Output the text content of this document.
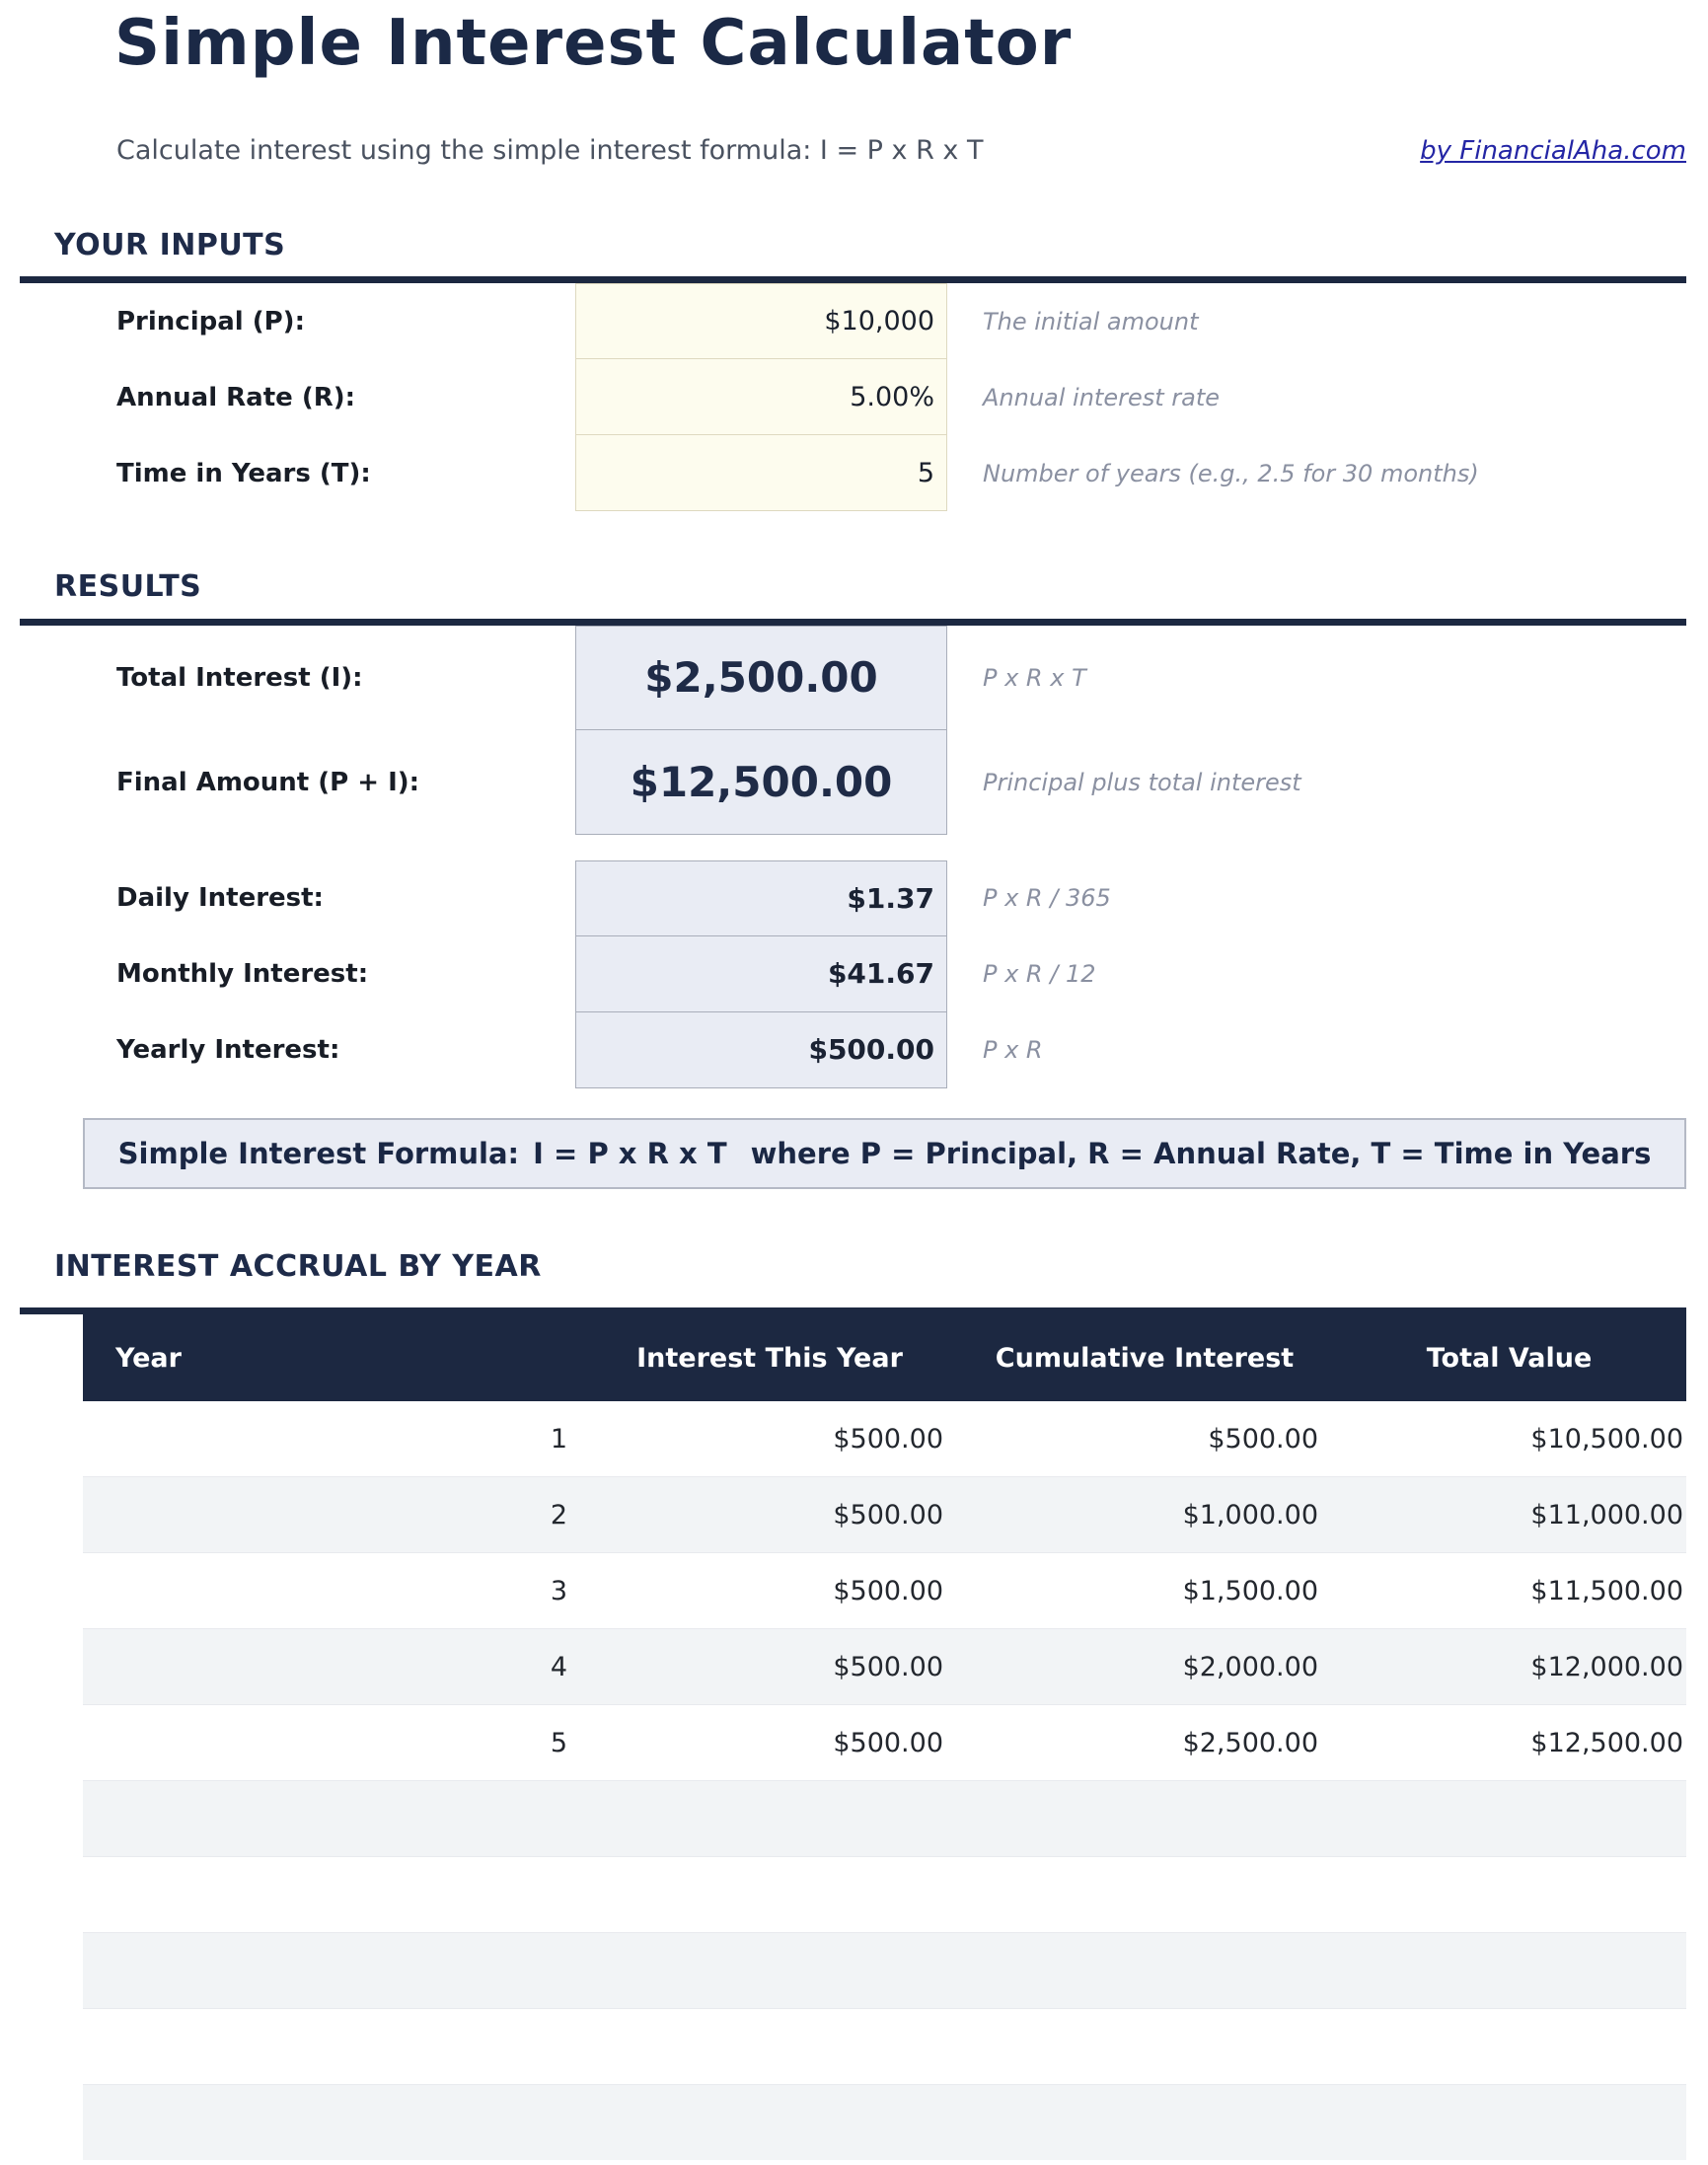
Simple Interest Calculator
Calculate interest using the simple interest formula: I = P x R x T	by FinancialAha.com
YOUR INPUTS
Principal (P):	$10,000	The initial amount
Annual Rate (R):	5.00%	Annual interest rate
Time in Years (T):	5	Number of years (e.g., 2.5 for 30 months)
RESULTS
Total Interest (I):	$2,500.00	P x R x T
Final Amount (P + I):	$12,500.00	Principal plus total interest
Daily Interest:	$1.37	P x R / 365
Monthly Interest:	$41.67	P x R / 12
Yearly Interest:	$500.00	P x R
Simple Interest Formula: I = P x R x T where P = Principal, R = Annual Rate, T = Time in Years
INTEREST ACCRUAL BY YEAR
Year	Interest This Year	Cumulative Interest	Total Value
1	$500.00	$500.00	$10,500.00
2	$500.00	$1,000.00	$11,000.00
3	$500.00	$1,500.00	$11,500.00
4	$500.00	$2,000.00	$12,000.00
5	$500.00	$2,500.00	$12,500.00
